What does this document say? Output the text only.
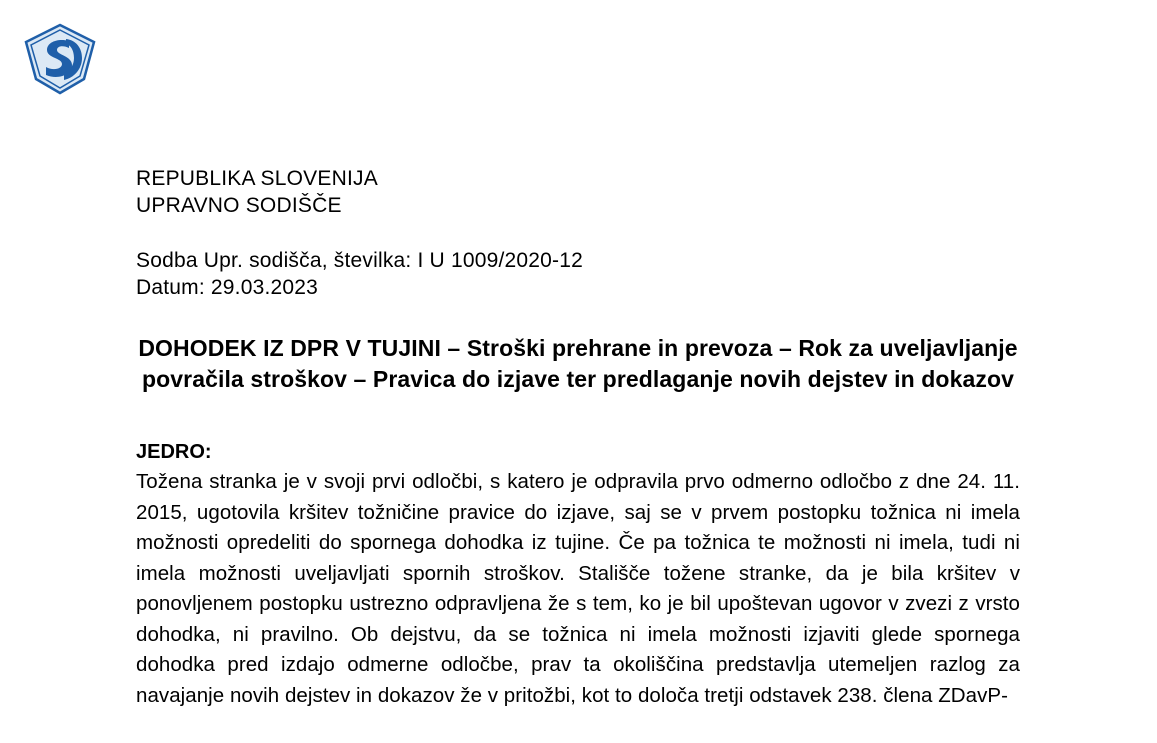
REPUBLIKA SLOVENIJA
UPRAVNO SODIŠČE
Sodba Upr. sodišča, številka: I U 1009/2020-12
Datum: 29.03.2023
DOHODEK IZ DPR V TUJINI – Stroški prehrane in prevoza – Rok za uveljavljanje povračila stroškov – Pravica do izjave ter predlaganje novih dejstev in dokazov
JEDRO:
Tožena stranka je v svoji prvi odločbi, s katero je odpravila prvo odmerno odločbo z dne 24. 11. 2015, ugotovila kršitev tožničine pravice do izjave, saj se v prvem postopku tožnica ni imela možnosti opredeliti do spornega dohodka iz tujine. Če pa tožnica te možnosti ni imela, tudi ni imela možnosti uveljavljati spornih stroškov. Stališče tožene stranke, da je bila kršitev v ponovljenem postopku ustrezno odpravljena že s tem, ko je bil upoštevan ugovor v zvezi z vrsto dohodka, ni pravilno. Ob dejstvu, da se tožnica ni imela možnosti izjaviti glede spornega dohodka pred izdajo odmerne odločbe, prav ta okoliščina predstavlja utemeljen razlog za navajanje novih dejstev in dokazov že v pritožbi, kot to določa tretji odstavek 238. člena ZDavP-
